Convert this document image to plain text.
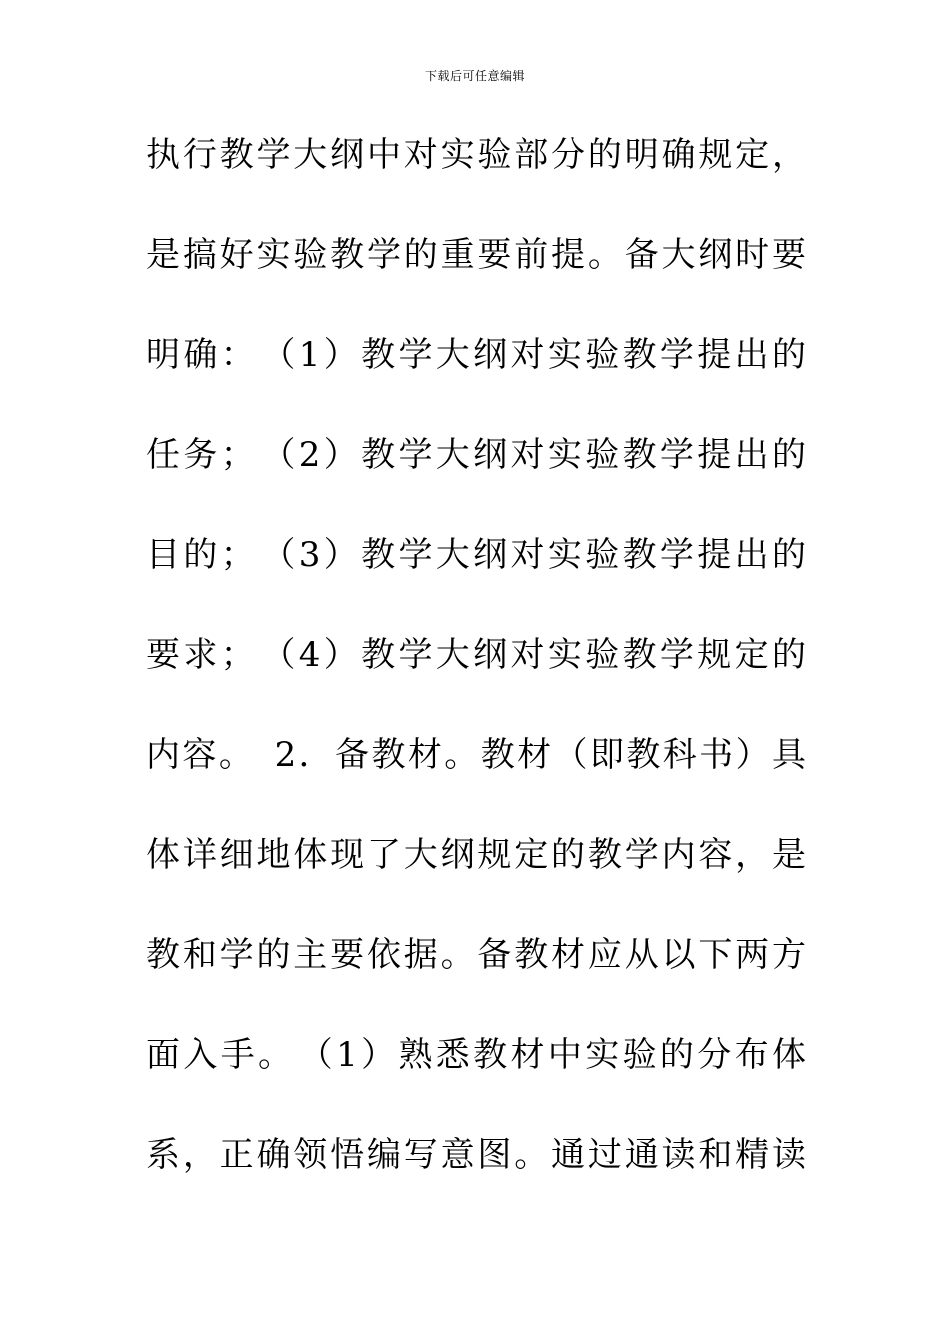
下载后可任意编辑
执行教学大纲中对实验部分的明确规定，
是搞好实验教学的重要前提。备大纲时要
明确：　（1）教学大纲对实验教学提出的
任务；　（2）教学大纲对实验教学提出的
目的；　（3）教学大纲对实验教学提出的
要求；　（4）教学大纲对实验教学规定的
内容。　2．备教材。教材（即教科书）具
体详细地体现了大纲规定的教学内容，是
教和学的主要依据。备教材应从以下两方
面入手。　（1）熟悉教材中实验的分布体
系，正确领悟编写意图。通过通读和精读
